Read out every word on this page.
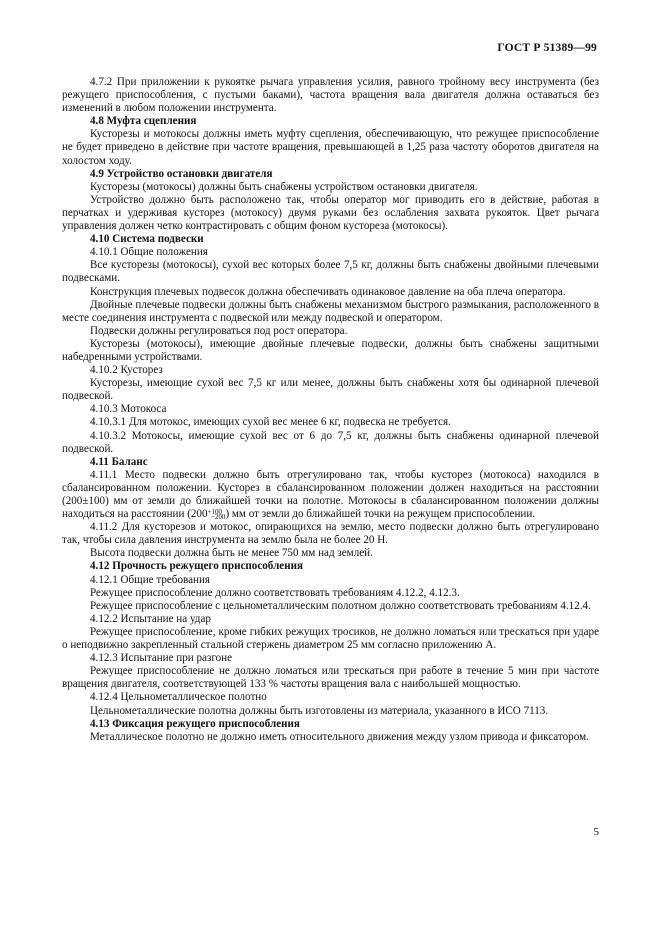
ГОСТ Р 51389—99

4.7.2 При приложении к рукоятке рычага управления усилия, равного тройному весу инструмента (без режущего приспособления, с пустыми баками), частота вращения вала двигателя должна оставаться без изменений в любом положении инструмента.

4.8 Муфта сцепления

Кусторезы и мотокосы должны иметь муфту сцепления, обеспечивающую, что режущее приспособление не будет приведено в действие при частоте вращения, превышающей в 1,25 раза частоту оборотов двигателя на холостом ходу.

4.9 Устройство остановки двигателя

Кусторезы (мотокосы) должны быть снабжены устройством остановки двигателя.

Устройство должно быть расположено так, чтобы оператор мог приводить его в действие, работая в перчатках и удерживая кусторез (мотокосу) двумя руками без ослабления захвата рукояток. Цвет рычага управления должен четко контрастировать с общим фоном кустореза (мотокосы).

4.10 Система подвески

4.10.1 Общие положения

Все кусторезы (мотокосы), сухой вес которых более 7,5 кг, должны быть снабжены двойными плечевыми подвесками.

Конструкция плечевых подвесок должна обеспечивать одинаковое давление на оба плеча оператора.

Двойные плечевые подвески должны быть снабжены механизмом быстрого размыкания, расположенного в месте соединения инструмента с подвеской или между подвеской и оператором.

Подвески должны регулироваться под рост оператора.

Кусторезы (мотокосы), имеющие двойные плечевые подвески, должны быть снабжены защитными набедренными устройствами.

4.10.2 Кусторез

Кусторезы, имеющие сухой вес 7,5 кг или менее, должны быть снабжены хотя бы одинарной плечевой подвеской.

4.10.3 Мотокоса

4.10.3.1 Для мотокос, имеющих сухой вес менее 6 кг, подвеска не требуется.

4.10.3.2 Мотокосы, имеющие сухой вес от 6 до 7,5 кг, должны быть снабжены одинарной плечевой подвеской.

4.11 Баланс

4.11.1 Место подвески должно быть отрегулировано так, чтобы кусторез (мотокоса) находился в сбалансированном положении. Кусторез в сбалансированном положении должен находиться на расстоянии (200±100) мм от земли до ближайшей точки на полотне. Мотокосы в сбалансированном положении должны находиться на расстоянии $(200^{+100}_{-200})$ мм от земли до ближайшей точки на режущем приспособлении.

4.11.2 Для кусторезов и мотокос, опирающихся на землю, место подвески должно быть отрегулировано так, чтобы сила давления инструмента на землю была не более 20 Н.

Высота подвески должна быть не менее 750 мм над землей.

4.12 Прочность режущего приспособления

4.12.1 Общие требования

Режущее приспособление должно соответствовать требованиям 4.12.2, 4.12.3.

Режущее приспособление с цельнометаллическим полотном должно соответствовать требованиям 4.12.4.

4.12.2 Испытание на удар

Режущее приспособление, кроме гибких режущих тросиков, не должно ломаться или трескаться при ударе о неподвижно закрепленный стальной стержень диаметром 25 мм согласно приложению А.

4.12.3 Испытание при разгоне

Режущее приспособление не должно ломаться или трескаться при работе в течение 5 мин при частоте вращения двигателя, соответствующей 133 % частоты вращения вала с наибольшей мощностью.

4.12.4 Цельнометаллическое полотно

Цельнометаллические полотна должны быть изготовлены из материала, указанного в ИСО 7113.

4.13 Фиксация режущего приспособления

Металлическое полотно не должно иметь относительного движения между узлом привода и фиксатором.

5
